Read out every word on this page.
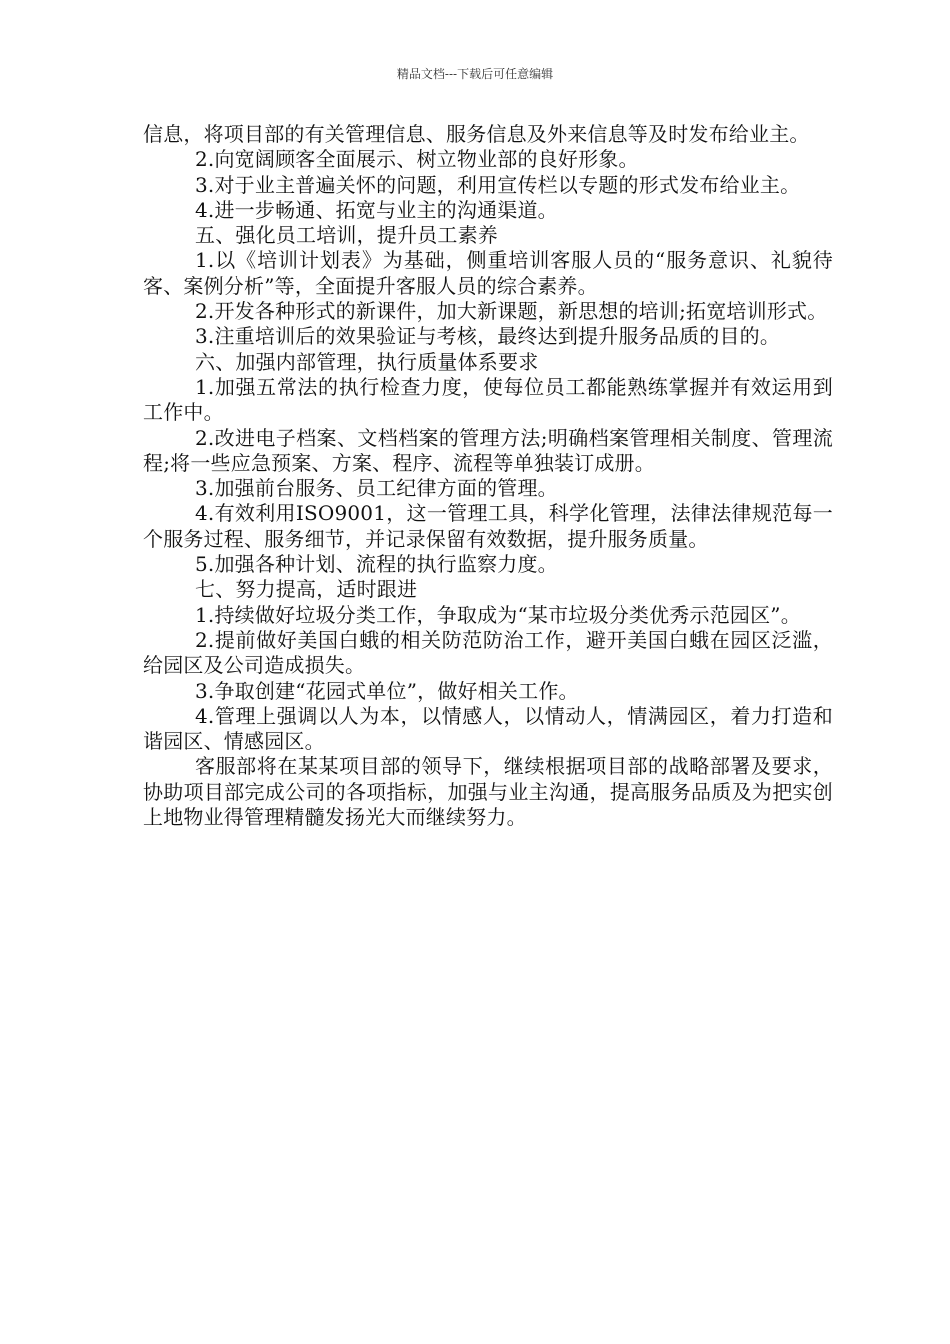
精品文档---下载后可任意编辑

信息，将项目部的有关管理信息、服务信息及外来信息等及时发布给业主。

2.向宽阔顾客全面展示、树立物业部的良好形象。

3.对于业主普遍关怀的问题，利用宣传栏以专题的形式发布给业主。

4.进一步畅通、拓宽与业主的沟通渠道。

五、强化员工培训，提升员工素养

1.以《培训计划表》为基础，侧重培训客服人员的“服务意识、礼貌待客、案例分析”等，全面提升客服人员的综合素养。

2.开发各种形式的新课件，加大新课题，新思想的培训;拓宽培训形式。

3.注重培训后的效果验证与考核，最终达到提升服务品质的目的。

六、加强内部管理，执行质量体系要求

1.加强五常法的执行检查力度，使每位员工都能熟练掌握并有效运用到工作中。

2.改进电子档案、文档档案的管理方法;明确档案管理相关制度、管理流程;将一些应急预案、方案、程序、流程等单独装订成册。

3.加强前台服务、员工纪律方面的管理。

4.有效利用ISO9001，这一管理工具，科学化管理，法律法律规范每一个服务过程、服务细节，并记录保留有效数据，提升服务质量。

5.加强各种计划、流程的执行监察力度。

七、努力提高，适时跟进

1.持续做好垃圾分类工作，争取成为“某市垃圾分类优秀示范园区”。

2.提前做好美国白蛾的相关防范防治工作，避开美国白蛾在园区泛滥，给园区及公司造成损失。

3.争取创建“花园式单位”，做好相关工作。

4.管理上强调以人为本，以情感人，以情动人，情满园区，着力打造和谐园区、情感园区。

客服部将在某某项目部的领导下，继续根据项目部的战略部署及要求，协助项目部完成公司的各项指标，加强与业主沟通，提高服务品质及为把实创上地物业得管理精髓发扬光大而继续努力。
